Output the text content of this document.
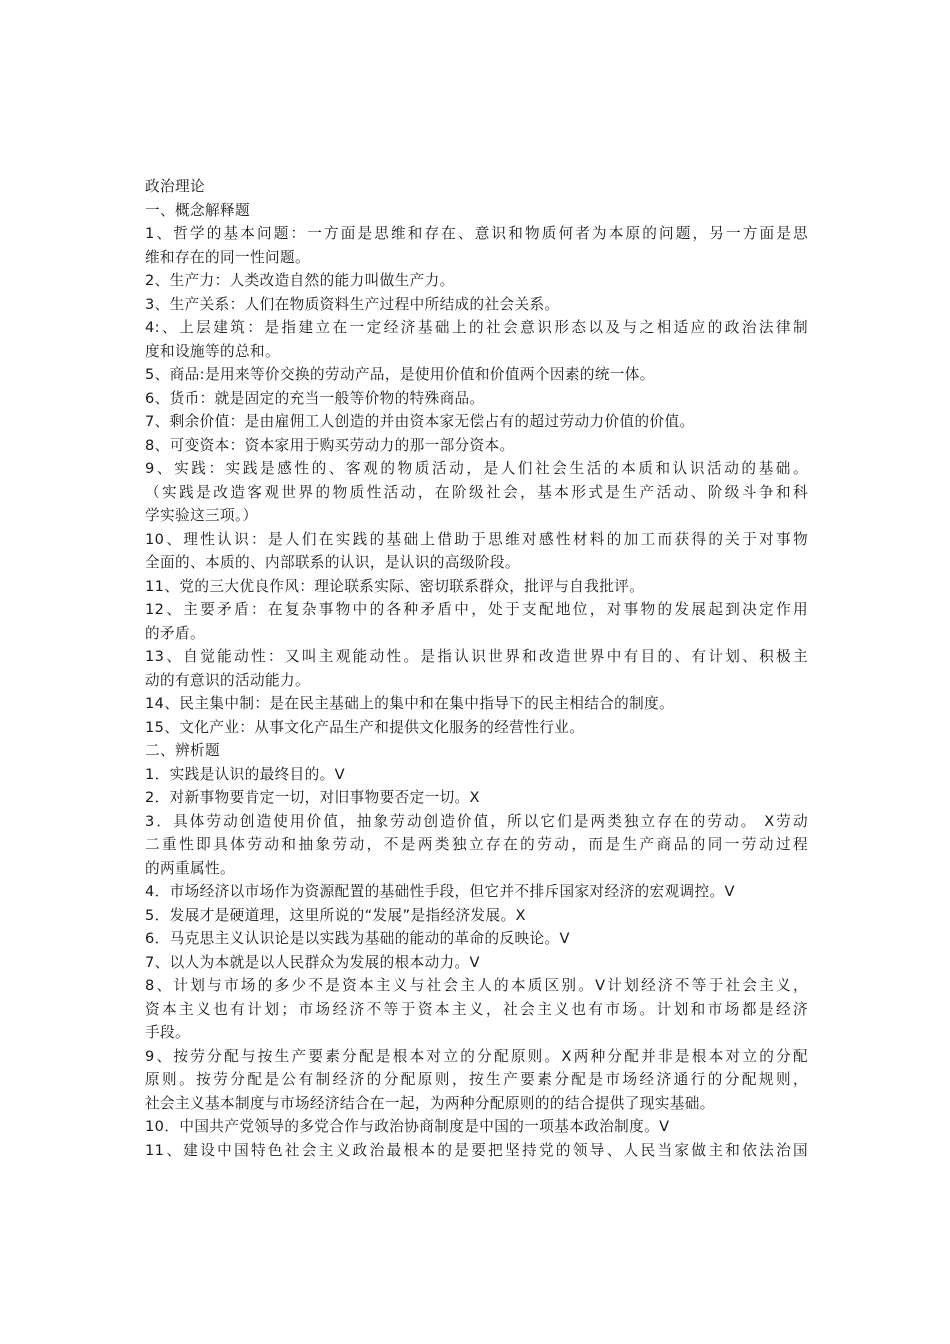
政治理论
一、概念解释题
1、哲学的基本问题：一方面是思维和存在、意识和物质何者为本原的问题，另一方面是思
维和存在的同一性问题。
2、生产力：人类改造自然的能力叫做生产力。
3、生产关系：人们在物质资料生产过程中所结成的社会关系。
4:、上层建筑：是指建立在一定经济基础上的社会意识形态以及与之相适应的政治法律制
度和设施等的总和。
5、商品:是用来等价交换的劳动产品，是使用价值和价值两个因素的统一体。
6、货币：就是固定的充当一般等价物的特殊商品。
7、剩余价值：是由雇佣工人创造的并由资本家无偿占有的超过劳动力价值的价值。
8、可变资本：资本家用于购买劳动力的那一部分资本。
9、实践：实践是感性的、客观的物质活动，是人们社会生活的本质和认识活动的基础。
（实践是改造客观世界的物质性活动，在阶级社会，基本形式是生产活动、阶级斗争和科
学实验这三项。）
10、理性认识：是人们在实践的基础上借助于思维对感性材料的加工而获得的关于对事物
全面的、本质的、内部联系的认识，是认识的高级阶段。
11、党的三大优良作风：理论联系实际、密切联系群众，批评与自我批评。
12、主要矛盾：在复杂事物中的各种矛盾中，处于支配地位，对事物的发展起到决定作用
的矛盾。
13、自觉能动性：又叫主观能动性。是指认识世界和改造世界中有目的、有计划、积极主
动的有意识的活动能力。
14、民主集中制：是在民主基础上的集中和在集中指导下的民主相结合的制度。
15、文化产业：从事文化产品生产和提供文化服务的经营性行业。
二、辨析题
1．实践是认识的最终目的。V
2．对新事物要肯定一切，对旧事物要否定一切。X
3．具体劳动创造使用价值，抽象劳动创造价值，所以它们是两类独立存在的劳动。 X劳动
二重性即具体劳动和抽象劳动，不是两类独立存在的劳动，而是生产商品的同一劳动过程
的两重属性。
4．市场经济以市场作为资源配置的基础性手段，但它并不排斥国家对经济的宏观调控。V
5．发展才是硬道理，这里所说的“发展”是指经济发展。X
6．马克思主义认识论是以实践为基础的能动的革命的反映论。V
7、以人为本就是以人民群众为发展的根本动力。V
8、计划与市场的多少不是资本主义与社会主人的本质区别。V计划经济不等于社会主义，
资本主义也有计划；市场经济不等于资本主义，社会主义也有市场。计划和市场都是经济
手段。
9、按劳分配与按生产要素分配是根本对立的分配原则。X两种分配并非是根本对立的分配
原则。按劳分配是公有制经济的分配原则，按生产要素分配是市场经济通行的分配规则，
社会主义基本制度与市场经济结合在一起，为两种分配原则的的结合提供了现实基础。
10．中国共产党领导的多党合作与政治协商制度是中国的一项基本政治制度。V
11、建设中国特色社会主义政治最根本的是要把坚持党的领导、人民当家做主和依法治国
